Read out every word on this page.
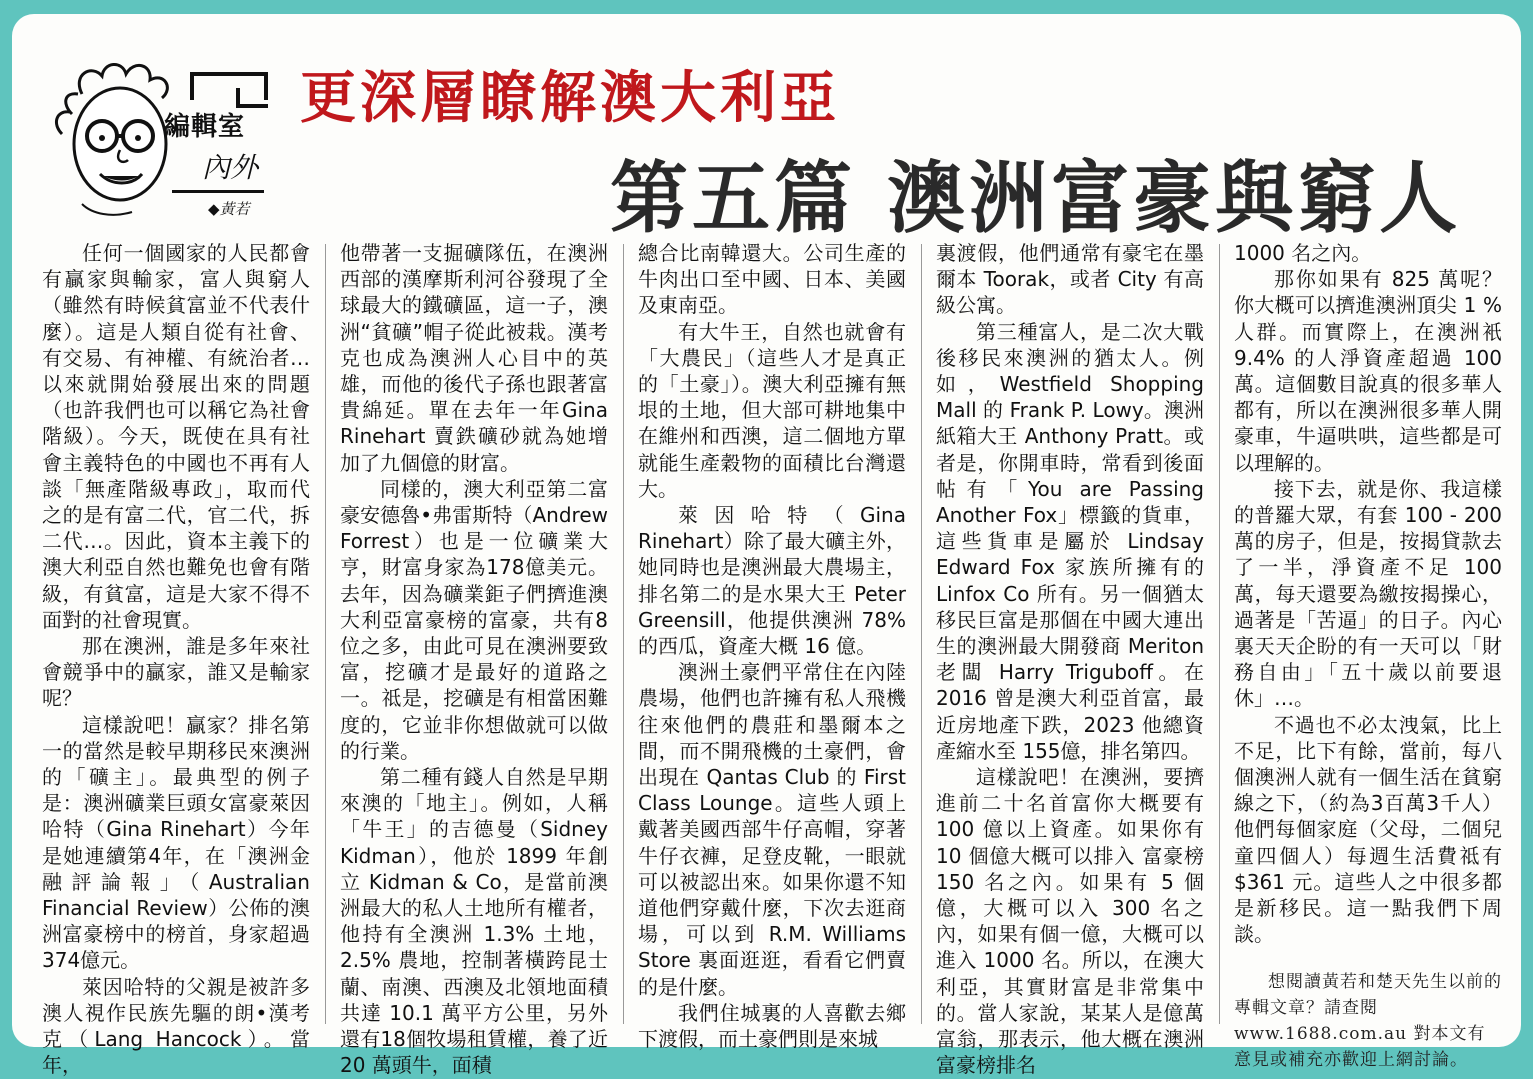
編輯室
內外
◆黃若
更深層瞭解澳大利亞
第五篇 澳洲富豪與窮人

任何一個國家的人民都會有贏家與輸家，富人與窮人（雖然有時候貧富並不代表什麼）。這是人類自從有社會、有交易、有神權、有統治者…以來就開始發展出來的問題（也許我們也可以稱它為社會階級）。今天，既使在具有社會主義特色的中國也不再有人談「無產階級專政」，取而代之的是有富二代，官二代，拆二代…。因此，資本主義下的澳大利亞自然也難免也會有階級，有貧富，這是大家不得不面對的社會現實。

那在澳洲，誰是多年來社會競爭中的贏家，誰又是輸家呢？

這樣說吧！贏家？排名第一的當然是較早期移民來澳洲的「礦主」。最典型的例子是：澳洲礦業巨頭女富豪萊因哈特（Gina Rinehart）今年是她連續第4年，在「澳洲金融評論報」（Australian Financial Review）公佈的澳洲富豪榜中的榜首，身家超過374億元。

萊因哈特的父親是被許多澳人視作民族先驅的朗•漢考克（Lang Hancock）。當年，

他帶著一支掘礦隊伍，在澳洲西部的漢摩斯利河谷發現了全球最大的鐵礦區，這一子，澳洲“貧礦”帽子從此被栽。漢考克也成為澳洲人心目中的英雄，而他的後代子孫也跟著富貴綿延。單在去年一年Gina Rinehart 賣鉄礦砂就為她增加了九個億的財富。

同樣的，澳大利亞第二富豪安德魯•弗雷斯特（Andrew Forrest）也是一位礦業大亨，財富身家為178億美元。去年，因為礦業鉅子們擠進澳大利亞富豪榜的富豪，共有8位之多，由此可見在澳洲要致富，挖礦才是最好的道路之一。祗是，挖礦是有相當困難度的，它並非你想做就可以做的行業。

第二種有錢人自然是早期來澳的「地主」。例如，人稱「牛王」的吉德曼（Sidney Kidman），他於 1899 年創立 Kidman & Co，是當前澳洲最大的私人土地所有權者，他持有全澳洲 1.3% 土地，2.5% 農地，控制著橫跨昆士蘭、南澳、西澳及北領地面積共達 10.1 萬平方公里，另外還有18個牧場租賃權，養了近 20 萬頭牛，面積

總合比南韓還大。公司生產的牛肉出口至中國、日本、美國及東南亞。

有大牛王，自然也就會有「大農民」（這些人才是真正的「土豪」）。澳大利亞擁有無垠的土地，但大部可耕地集中在維州和西澳，這二個地方單就能生產穀物的面積比台灣還大。

萊因哈特（Gina Rinehart）除了最大礦主外，她同時也是澳洲最大農場主，排名第二的是水果大王 Peter Greensill，他提供澳洲 78% 的西瓜，資產大概 16 億。

澳洲土豪們平常住在內陸農場，他們也許擁有私人飛機往來他們的農莊和墨爾本之間，而不開飛機的土豪們，會出現在 Qantas Club 的 First Class Lounge。這些人頭上戴著美國西部牛仔高帽，穿著牛仔衣褲，足登皮靴，一眼就可以被認出來。如果你還不知道他們穿戴什麼，下次去逛商場，可以到 R.M. Williams Store 裏面逛逛，看看它們賣的是什麼。

我們住城裏的人喜歡去鄉下渡假，而土豪們則是來城

裏渡假，他們通常有豪宅在墨爾本 Toorak，或者 City 有高級公寓。

第三種富人，是二次大戰後移民來澳洲的猶太人。例如，Westfield Shopping Mall 的 Frank P. Lowy。澳洲紙箱大王 Anthony Pratt。或者是，你開車時，常看到後面帖有「You are Passing Another Fox」標籤的貨車，這些貨車是屬於 Lindsay Edward Fox 家族所擁有的 Linfox Co 所有。另一個猶太移民巨富是那個在中國大連出生的澳洲最大開發商 Meriton 老闆 Harry Triguboff。在 2016 曾是澳大利亞首富，最近房地產下跌，2023 他總資產縮水至 155億，排名第四。

這樣說吧！在澳洲，要擠進前二十名首富你大概要有 100 億以上資產。如果你有 10 個億大概可以排入 富豪榜 150 名之內。如果有 5 個億，大概可以入 300 名之內，如果有個一億，大概可以進入 1000 名。所以，在澳大利亞，其實財富是非常集中的。當人家說，某某人是億萬富翁，那表示，他大概在澳洲富豪榜排名

1000 名之內。

那你如果有 825 萬呢？你大概可以擠進澳洲頂尖 1 % 人群。而實際上，在澳洲衹 9.4% 的人淨資產超過 100萬。這個數目說真的很多華人都有，所以在澳洲很多華人開豪車，牛逼哄哄，這些都是可以理解的。

接下去，就是你、我這樣的普羅大眾，有套 100 - 200 萬的房子，但是，按揭貸款去了一半，淨資產不足 100 萬，每天還要為繳按揭操心，過著是「苦逼」的日子。內心裏天天企盼的有一天可以「財務自由」「五十歲以前要退休」…。

不過也不必太洩氣，比上不足，比下有餘，當前，每八個澳洲人就有一個生活在貧窮線之下，（約為3百萬3千人）他們每個家庭（父母，二個兒童四個人）每週生活費祗有 $361 元。這些人之中很多都是新移民。這一點我們下周談。

想閱讀黃若和楚天先生以前的專輯文章？請查閱 www.1688.com.au 對本文有意見或補充亦歡迎上網討論。
